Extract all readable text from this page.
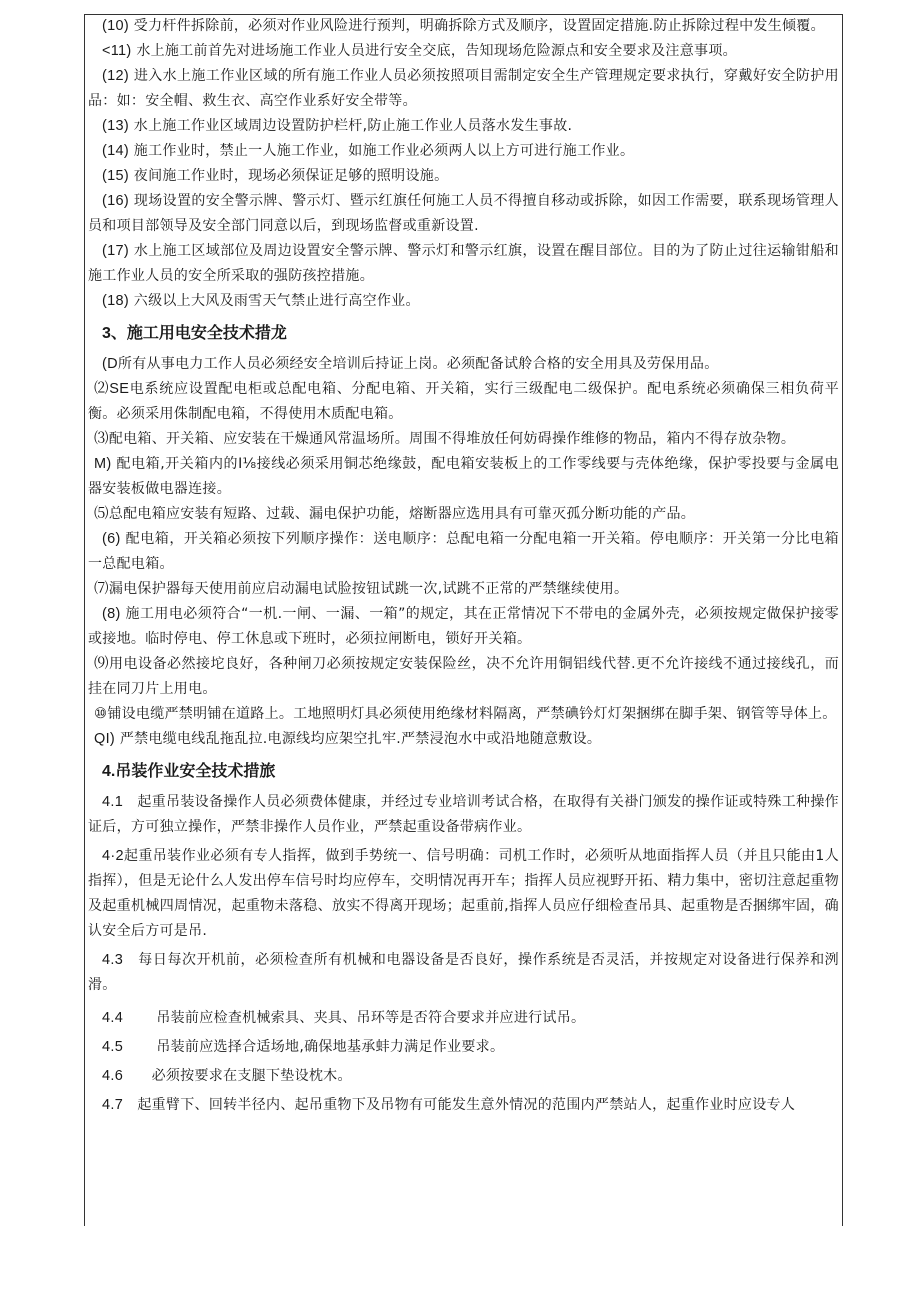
(10) 受力杆件拆除前，必须对作业风险进行预判，明确拆除方式及顺序，设置固定措施.防止拆除过程中发生倾覆。

<11) 水上施工前首先对进场施工作业人员进行安全交底，告知现场危险源点和安全要求及注意事项。

(12) 进入水上施工作业区域的所有施工作业人员必须按照项目需制定安全生产管理规定要求执行，穿戴好安全防护用品：如：安全帽、救生衣、高空作业系好安全带等。

(13) 水上施工作业区域周边设置防护栏杆,防止施工作业人员落水发生事故.

(14) 施工作业时，禁止一人施工作业，如施工作业必须两人以上方可进行施工作业。

(15) 夜间施工作业时，现场必须保证足够的照明设施。

(16) 现场设置的安全警示牌、警示灯、暨示红旗任何施工人员不得擅自移动或拆除，如因工作需要，联系现场管理人员和项目部领导及安全部门同意以后，到现场监督或重新设置.

(17) 水上施工区域部位及周边设置安全警示牌、警示灯和警示红旗，设置在醒目部位。目的为了防止过往运输钳船和施工作业人员的安全所采取的强防孩控措施。

(18) 六级以上大风及雨雪天气禁止进行高空作业。

3、施工用电安全技术措龙

(D所有从事电力工作人员必须经安全培训后持证上岗。必须配备试舲合格的安全用具及劳保用品。

⑵SE电系统应设置配电柜或总配电箱、分配电箱、开关箱，实行三级配电二级保护。配电系统必须确保三相负荷平衡。必须采用侏制配电箱，不得使用木质配电箱。

⑶配电箱、开关箱、应安装在干燥通风常温场所。周围不得堆放任何妨碍操作维修的物品，箱内不得存放杂物。

M) 配电箱,开关箱内的I⅛接线必须采用铜芯绝缘鼓，配电箱安装板上的工作零线要与壳体绝缘，保护零投要与金属电器安装板做电器连接。

⑸总配电箱应安装有短路、过载、漏电保护功能，熔断器应选用具有可靠灭孤分断功能的产品。

(6) 配电箱，开关箱必须按下列顺序操作：送电顺序：总配电箱一分配电箱一开关箱。停电顺序：开关第一分比电箱一总配电箱。

⑺漏电保护器每天使用前应启动漏电试脸按钮试跳一次,试跳不正常的严禁继续使用。

(8) 施工用电必须符合“一机.一闸、一漏、一箱”的规定，其在正常情况下不带电的金属外壳，必须按规定做保护接零或接地。临时停电、停工休息或下班时，必须拉闸断电，锁好开关箱。

⑼用电设备必然接坨良好，各种闸刀必须按规定安装保险丝，决不允许用铜铝线代替.更不允许接线不通过接线孔，而挂在同刀片上用电。

⑩铺设电缆严禁明铺在道路上。工地照明灯具必须使用绝缘材料隔离，严禁碘钤灯灯架捆绑在脚手架、钢管等导体上。

QI) 严禁电缆电线乱拖乱拉.电源线均应架空扎牢.严禁浸泡水中或沿地随意敷设。

4.吊装作业安全技术措旅

4.1 起重吊装设备操作人员必须费体健康，并经过专业培训考试合格，在取得有关褂门颁发的操作证或特殊工种操作证后，方可独立操作，严禁非操作人员作业，严禁起重设备带病作业。

4·2起重吊装作业必须有专人指挥，做到手势统一、信号明确：司机工作时，必须听从地面指挥人员（并且只能由1人指挥），但是无论什么人发出停车信号时均应停车，交明情况再开车；指挥人员应视野开拓、精力集中，密切注意起重物及起重机械四周情况，起重物未落稳、放实不得离开现场；起重前,指挥人员应仔细检查吊具、起重物是否捆绑牢固，确认安全后方可是吊.

4.3 每日每次开机前，必须检查所有机械和电器设备是否良好，操作系统是否灵活，并按规定对设备进行保养和洌滑。

4.4 吊装前应检查机械索具、夹具、吊环等是否符合要求并应进行试吊。

4.5 吊装前应选择合适场地,确保地基承蚌力满足作业要求。

4.6 必须按要求在支腿下垫设枕木。

4.7 起重臂下、回转半径内、起吊重物下及吊物有可能发生意外情况的范围内严禁站人，起重作业时应设专人
